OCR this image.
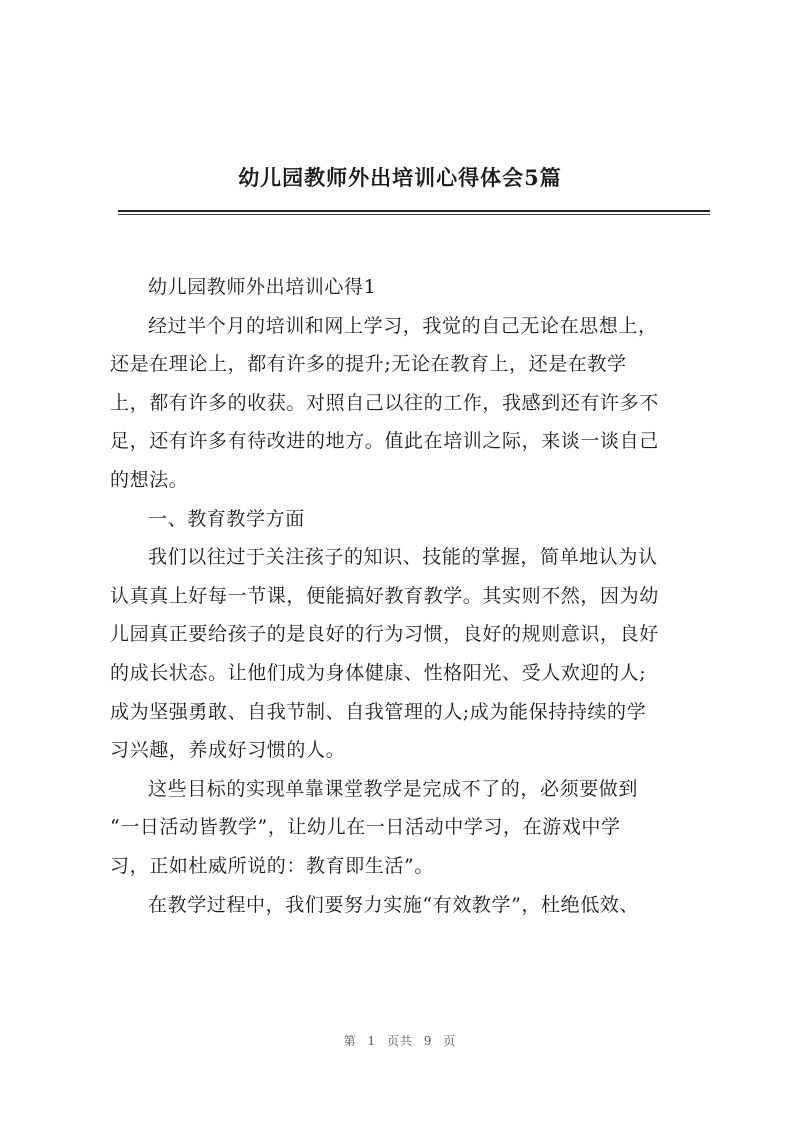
幼儿园教师外出培训心得体会5篇
幼儿园教师外出培训心得1
经过半个月的培训和网上学习，我觉的自己无论在思想上，
还是在理论上，都有许多的提升;无论在教育上，还是在教学
上，都有许多的收获。对照自己以往的工作，我感到还有许多不
足，还有许多有待改进的地方。值此在培训之际，来谈一谈自己
的想法。
一、教育教学方面
我们以往过于关注孩子的知识、技能的掌握，简单地认为认
认真真上好每一节课，便能搞好教育教学。其实则不然，因为幼
儿园真正要给孩子的是良好的行为习惯，良好的规则意识，良好
的成长状态。让他们成为身体健康、性格阳光、受人欢迎的人;
成为坚强勇敢、自我节制、自我管理的人;成为能保持持续的学
习兴趣，养成好习惯的人。
这些目标的实现单靠课堂教学是完成不了的，必须要做到
“一日活动皆教学”，让幼儿在一日活动中学习，在游戏中学
习，正如杜威所说的：教育即生活”。
在教学过程中，我们要努力实施“有效教学”，杜绝低效、
第 1 页共 9 页
